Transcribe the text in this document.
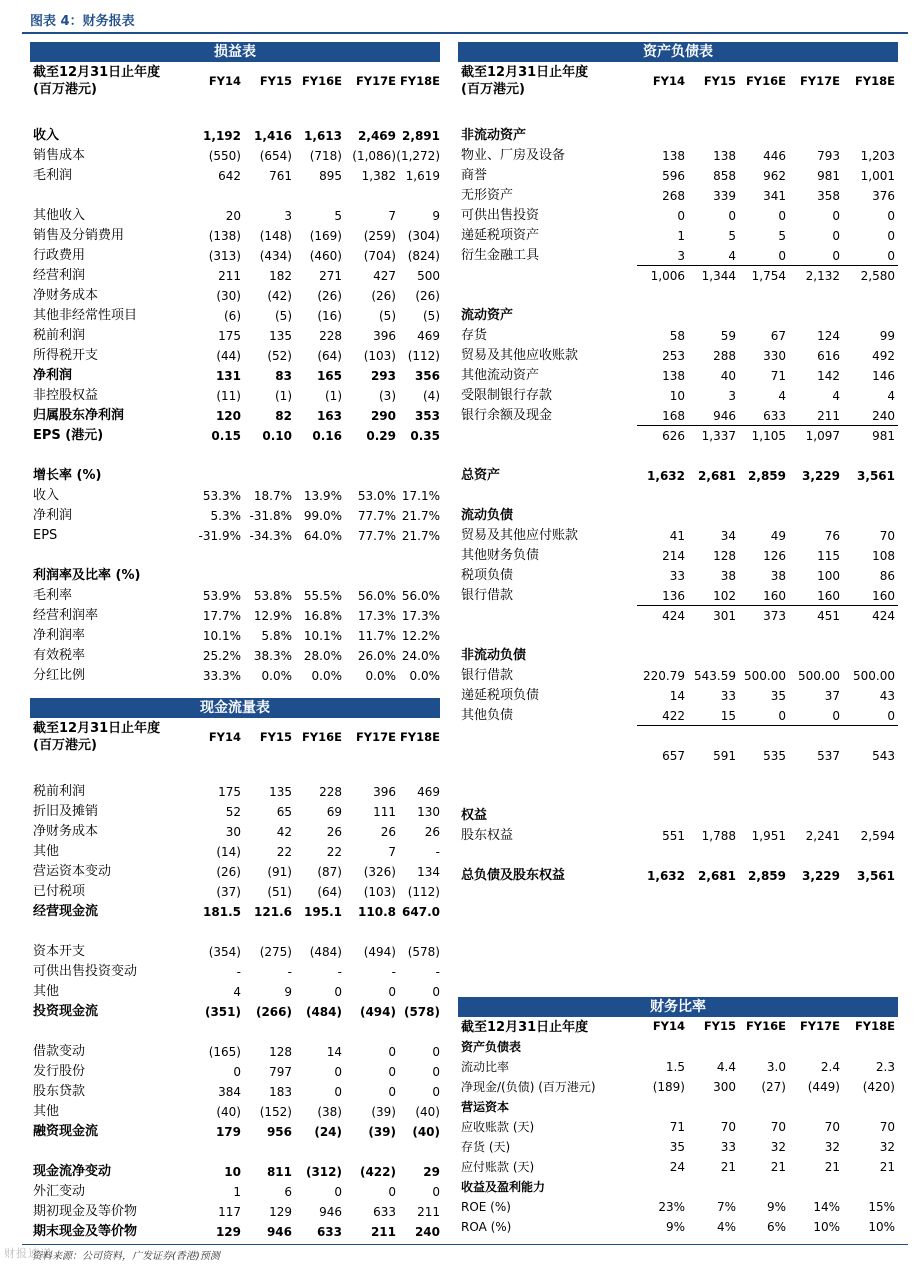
图表 4：财务报表
损益表
截至12月31日止年度
(百万港元)
FY14	FY15 FY16E	FY17E FY18E
收入	1,192	1,416	1,613	2,469 2,891
销售成本	(550)	(654)	(718) (1,086) (1,272)
毛利润	642	761	895	1,382 1,619
其他收入	20	3	5	7	9
销售及分销费用	(138)	(148)	(169)	(259) (304)
行政费用	(313)	(434)	(460)	(704) (824)
经营利润	211	182	271	427	500
净财务成本	(30)	(42)	(26)	(26)	(26)
其他非经常性项目	(6)	(5)	(16)	(5)	(5)
税前利润	175	135	228	396	469
所得税开支	(44)	(52)	(64)	(103) (112)
净利润	131	83	165	293	356
非控股权益	(11)	(1)	(1)	(3)	(4)
归属股东净利润	120	82	163	290	353
EPS (港元)	0.15	0.10	0.16	0.29	0.35
增长率 (%)
收入	53.3%	18.7% 13.9%	53.0% 17.1%
净利润	5.3% -31.8% 99.0%	77.7% 21.7%
EPS	-31.9% -34.3% 64.0%	77.7% 21.7%
利润率及比率 (%)
毛利率	53.9%	53.8% 55.5%	56.0% 56.0%
经营利润率	17.7%	12.9% 16.8%	17.3% 17.3%
净利润率	10.1%	5.8% 10.1%	11.7% 12.2%
有效税率	25.2%	38.3% 28.0%	26.0% 24.0%
分红比例	33.3%	0.0%	0.0%	0.0%	0.0%
现金流量表
截至12月31日止年度
(百万港元)
FY14	FY15 FY16E	FY17E FY18E
税前利润	175	135	228	396	469
折旧及摊销	52	65	69	111	130
净财务成本	30	42	26	26	26
其他	(14)	22	22	7	-
营运资本变动	(26)	(91)	(87)	(326)	134
已付税项	(37)	(51)	(64)	(103) (112)
经营现金流	181.5	121.6	195.1	110.8 647.0
资本开支	(354)	(275)	(484)	(494) (578)
可供出售投资变动	-	-	-	-	-
其他	4	9	0	0	0
投资现金流	(351)	(266)	(484)	(494) (578)
借款变动	(165)	128	14	0	0
发行股份	0	797	0	0	0
股东贷款	384	183	0	0	0
其他	(40)	(152)	(38)	(39)	(40)
融资现金流	179	956	(24)	(39)	(40)
现金流净变动	10	811	(312)	(422)	29
外汇变动	1	6	0	0	0
期初现金及等价物	117	129	946	633	211
期末现金及等价物	129	946	633	211	240
资产负债表
截至12月31日止年度
(百万港元)
FY14	FY15 FY16E	FY17E	FY18E
非流动资产
物业、厂房及设备	138	138	446	793	1,203
商誉	596	858	962	981	1,001
无形资产	268	339	341	358	376
可供出售投资	0	0	0	0	0
递延税项资产	1	5	5	0	0
衍生金融工具	3	4	0	0	0
1,006	1,344	1,754	2,132	2,580
流动资产
存货	58	59	67	124	99
贸易及其他应收账款	253	288	330	616	492
其他流动资产	138	40	71	142	146
受限制银行存款	10	3	4	4	4
银行余额及现金	168	946	633	211	240
626	1,337	1,105	1,097	981
总资产	1,632	2,681	2,859	3,229	3,561
流动负债
贸易及其他应付账款	41	34	49	76	70
其他财务负债	214	128	126	115	108
税项负债	33	38	38	100	86
银行借款	136	102	160	160	160
424	301	373	451	424
非流动负债
银行借款	220.79 543.59 500.00	500.00	500.00
递延税项负债	14	33	35	37	43
其他负债	422	15	0	0	0
657	591	535	537	543
权益
股东权益	551	1,788	1,951	2,241	2,594
总负债及股东权益	1,632	2,681	2,859	3,229	3,561
财务比率
截至12月31日止年度	FY14	FY15 FY16E	FY17E	FY18E
资产负债表
流动比率	1.5	4.4	3.0	2.4	2.3
净现金/(负债) (百万港元)	(189)	300	(27)	(449)	(420)
营运资本
应收账款 (天)	71	70	70	70	70
存货 (天)	35	33	32	32	32
应付账款 (天)	24	21	21	21	21
收益及盈利能力
ROE (%)	23%	7%	9%	14%	15%
ROA (%)	9%	4%	6%	10%	10%
财报速递
资料来源：公司资料，广发证券(香港)预测
